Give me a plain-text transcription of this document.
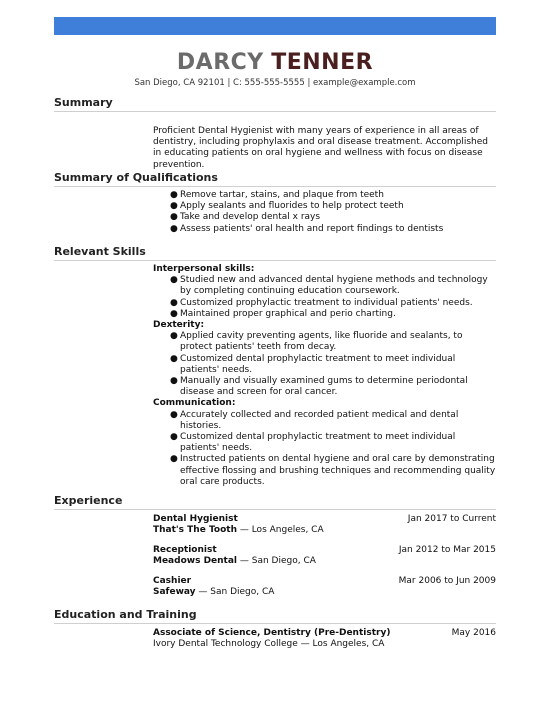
DARCY TENNER
San Diego, CA 92101 | C: 555-555-5555 | example@example.com
Summary

Proficient Dental Hygienist with many years of experience in all areas of dentistry, including prophylaxis and oral disease treatment. Accomplished in educating patients on oral hygiene and wellness with focus on disease prevention.

Summary of Qualifications
● Remove tartar, stains, and plaque from teeth
● Apply sealants and fluorides to help protect teeth
● Take and develop dental x rays
● Assess patients' oral health and report findings to dentists
Relevant Skills
Interpersonal skills:
● Studied new and advanced dental hygiene methods and technology by completing continuing education coursework.
● Customized prophylactic treatment to individual patients' needs.
● Maintained proper graphical and perio charting.
Dexterity:
● Applied cavity preventing agents, like fluoride and sealants, to protect patients' teeth from decay.
● Customized dental prophylactic treatment to meet individual patients' needs.
● Manually and visually examined gums to determine periodontal disease and screen for oral cancer.
Communication:
● Accurately collected and recorded patient medical and dental histories.
● Customized dental prophylactic treatment to meet individual patients' needs.
● Instructed patients on dental hygiene and oral care by demonstrating effective flossing and brushing techniques and recommending quality oral care products.
Experience
Dental Hygienist	Jan 2017 to Current
That's The Tooth — Los Angeles, CA
Receptionist	Jan 2012 to Mar 2015
Meadows Dental — San Diego, CA
Cashier	Mar 2006 to Jun 2009
Safeway — San Diego, CA
Education and Training
Associate of Science, Dentistry (Pre-Dentistry)	May 2016
Ivory Dental Technology College — Los Angeles, CA
